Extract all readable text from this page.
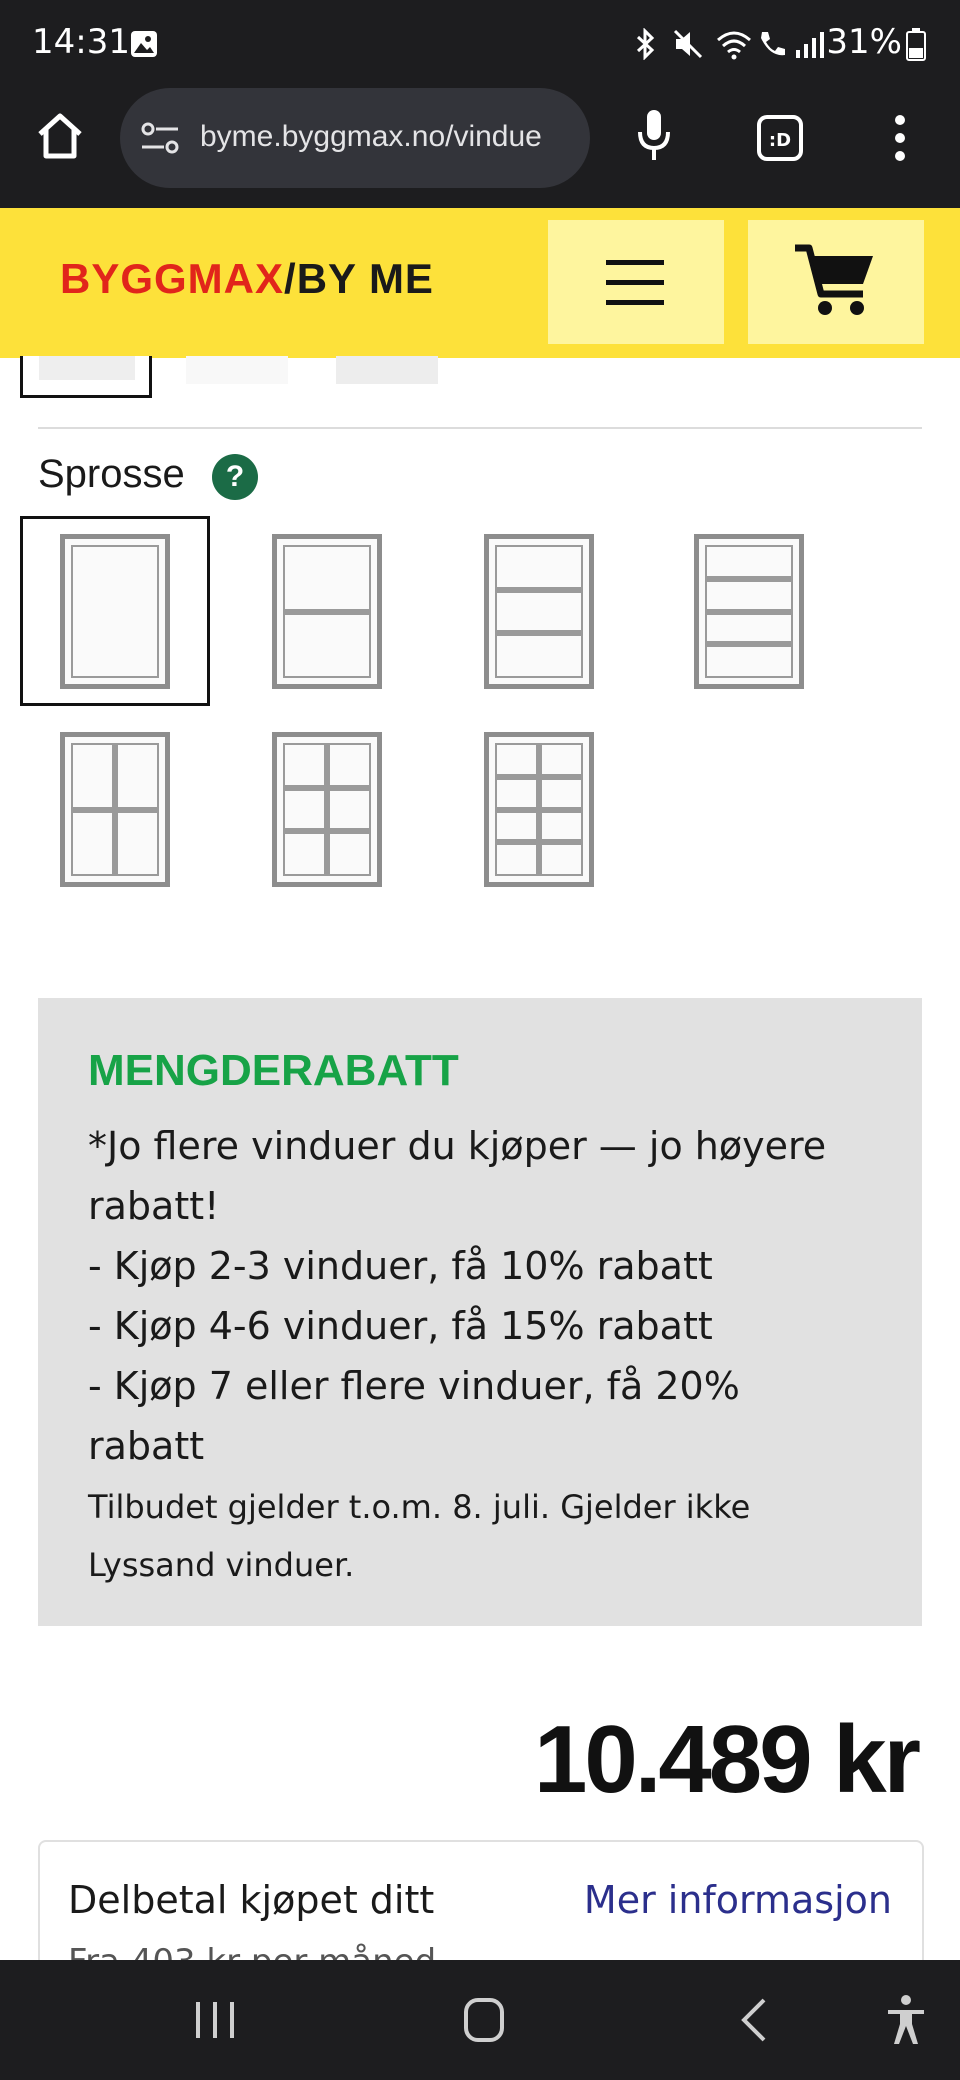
14:31	31%
byme.byggmax.no/vindue	:D
BYGGMAX/BY ME
Sprosse	?
MENGDERABATT
*Jo flere vinduer du kjøper — jo høyere
rabatt!
- Kjøp 2-3 vinduer, få 10% rabatt
- Kjøp 4-6 vinduer, få 15% rabatt
- Kjøp 7 eller flere vinduer, få 20%
rabatt
Tilbudet gjelder t.o.m. 8. juli. Gjelder ikke
Lyssand vinduer.
10.489 kr
Delbetal kjøpet ditt	Mer informasjon
